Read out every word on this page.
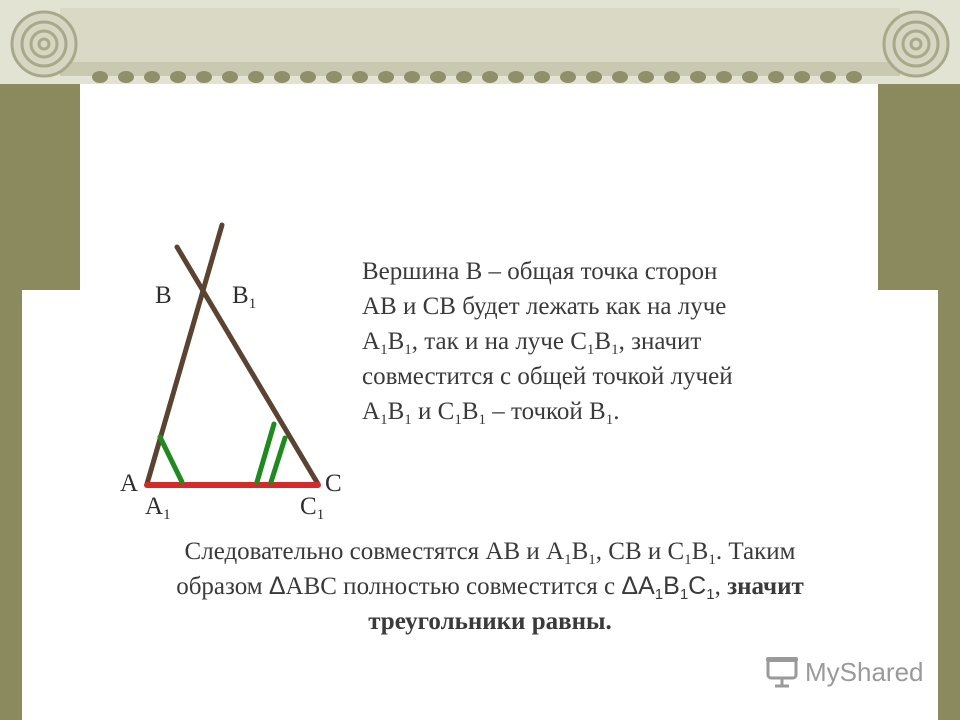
B $B_1$
A	C
$A_1$	$C_1$
Вершина B – общая точка сторон
AB и CB будет лежать как на луче
$A_1B_1$, так и на луче $C_1B_1$, значит
совместится с общей точкой лучей
$A_1B_1$ и $C_1B_1$ – точкой $B_1$.
Следовательно совместятся AB и $A_1B_1$, CB и $C_1B_1$. Таким
образом ΔABC полностью совместится с $\Delta A_1B_1C_1$, значит
треугольники равны.
MyShared
